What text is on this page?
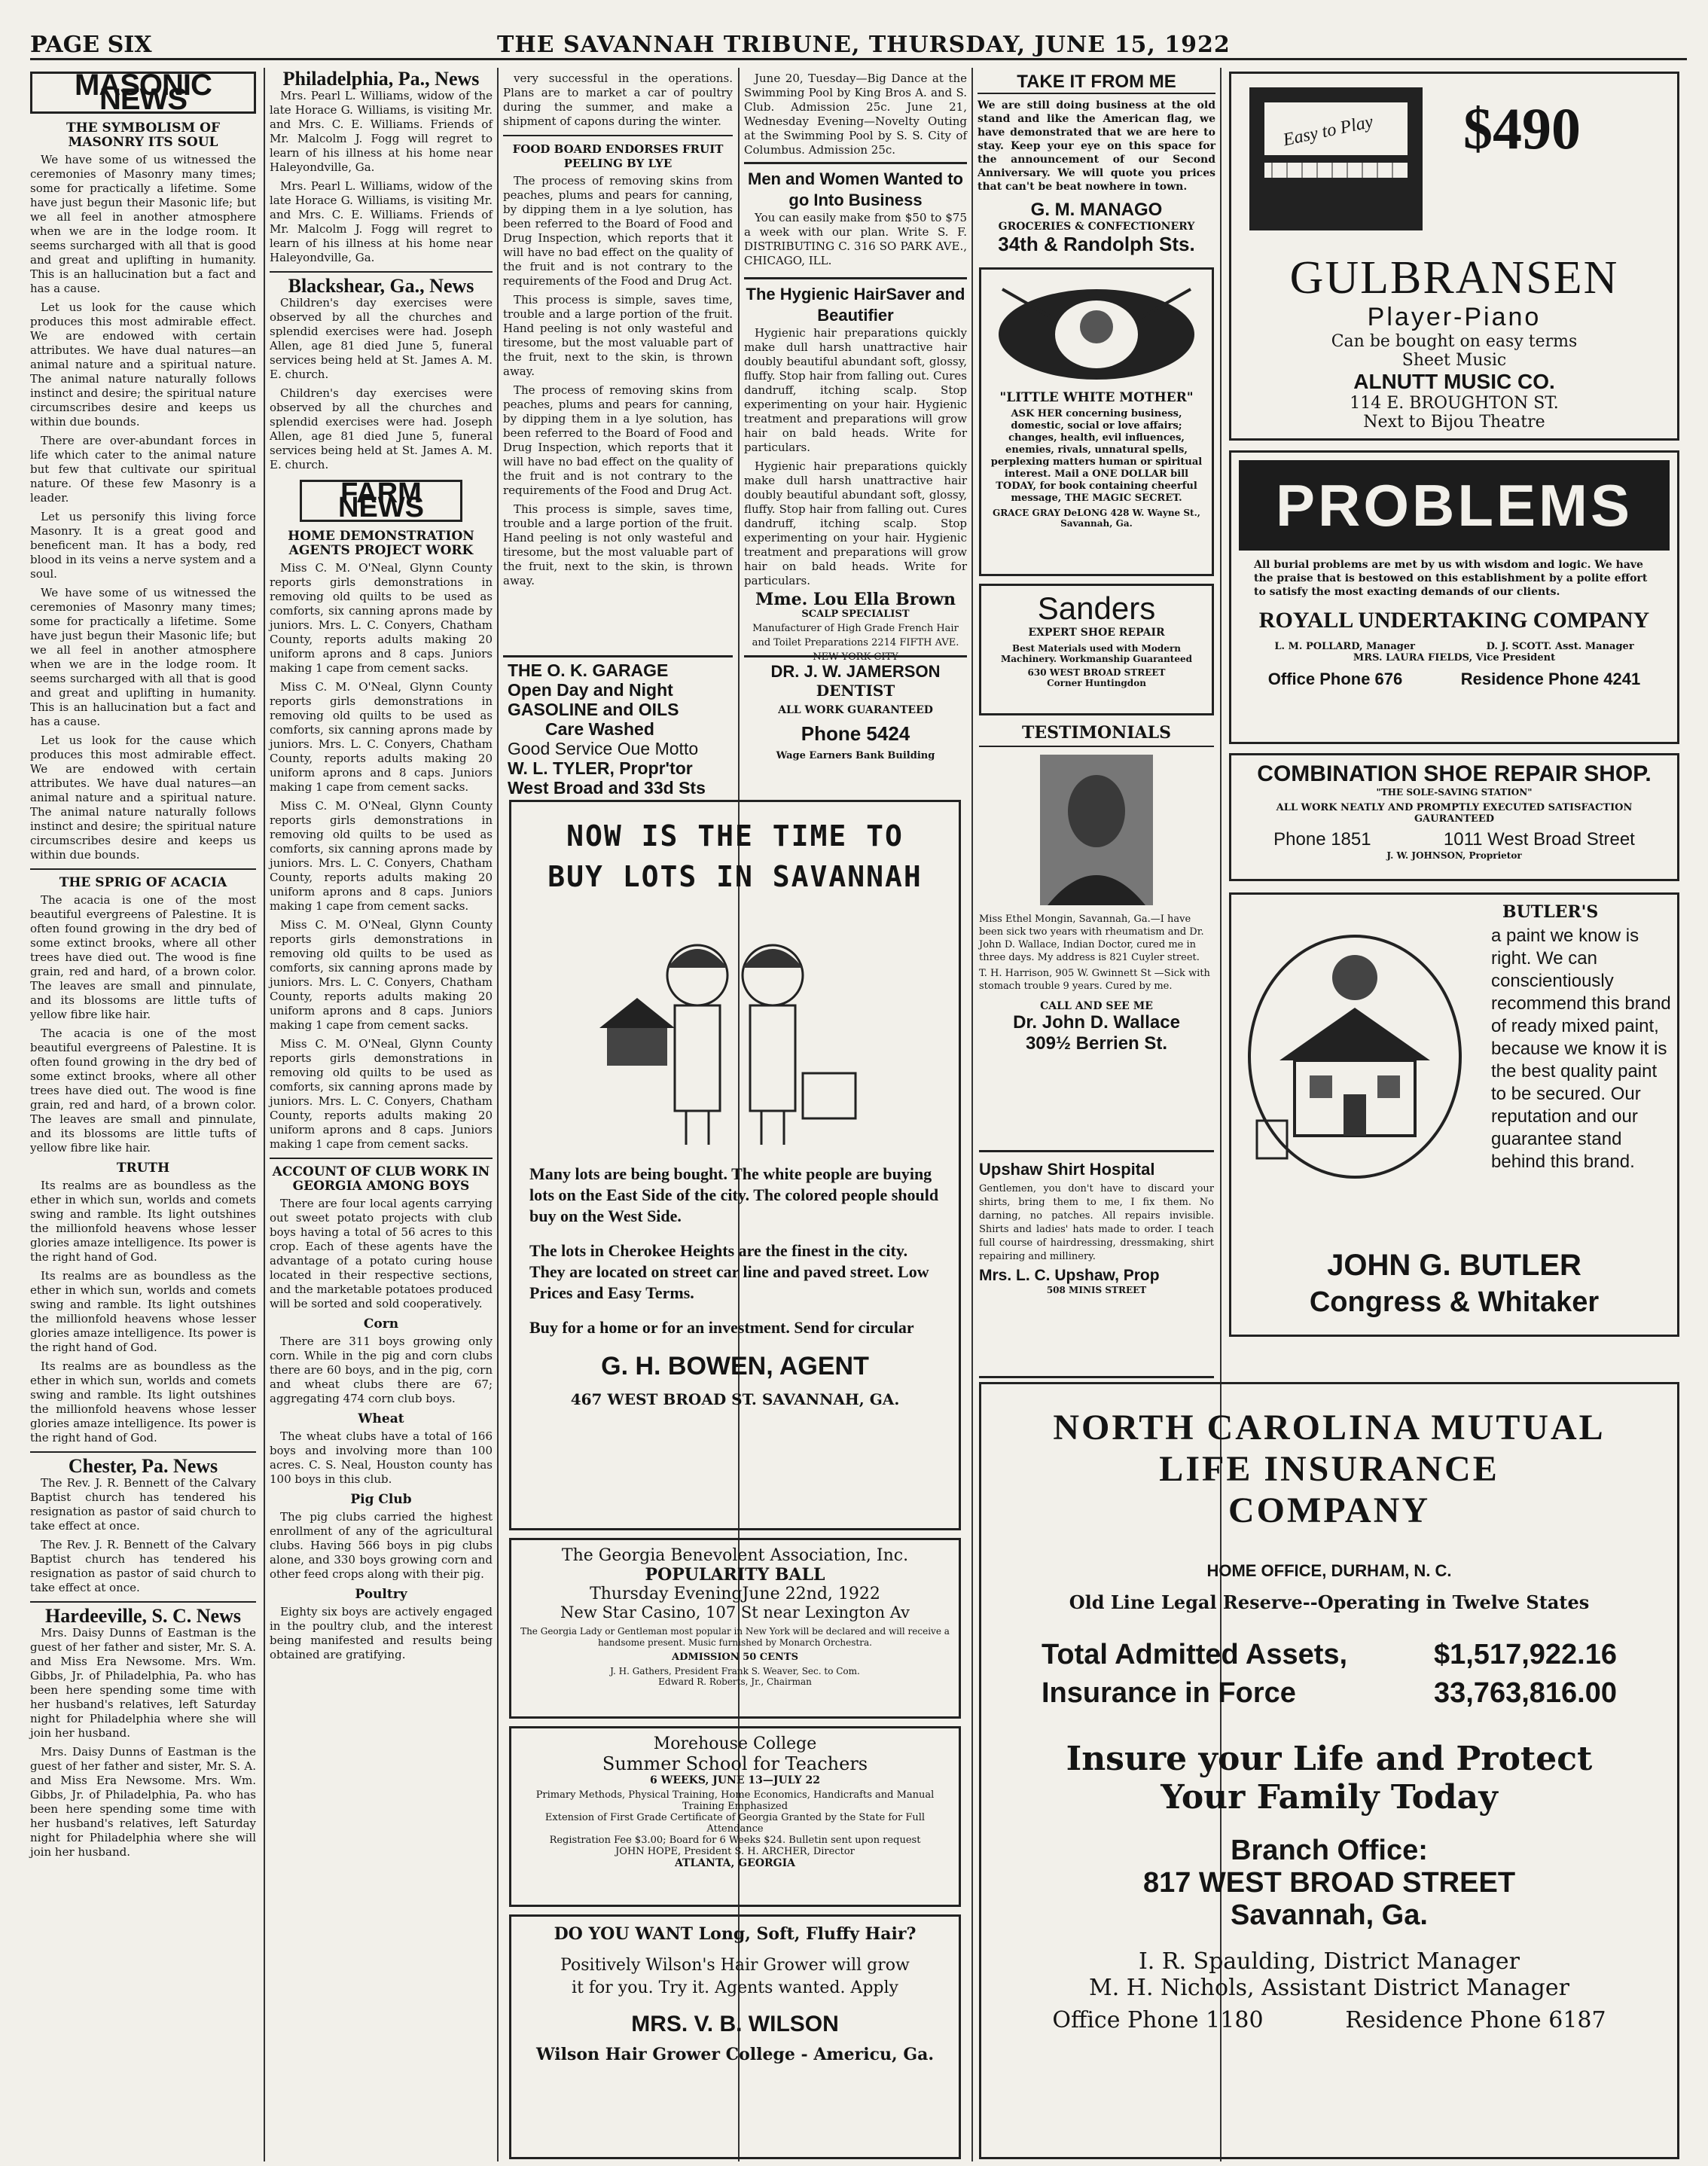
PAGE SIX	THE SAVANNAH TRIBUNE, THURSDAY, JUNE 15, 1922
MASONIC NEWS
THE SYMBOLISM OF MASONRY ITS SOUL

We have some of us witnessed the ceremonies of Masonry many times; some for practically a lifetime. Some have just begun their Masonic life; but we all feel in another atmosphere when we are in the lodge room. It seems surcharged with all that is good and great and uplifting in humanity. This is an hallucination but a fact and has a cause.

Let us look for the cause which produces this most admirable effect. We are endowed with certain attributes. We have dual natures—an animal nature and a spiritual nature. The animal nature naturally follows instinct and desire; the spiritual nature circumscribes desire and keeps us within due bounds.

There are over-abundant forces in life which cater to the animal nature but few that cultivate our spiritual nature. Of these few Masonry is a leader.

Let us personify this living force Masonry. It is a great good and beneficent man. It has a body, red blood in its veins a nerve system and a soul.

We have some of us witnessed the ceremonies of Masonry many times; some for practically a lifetime. Some have just begun their Masonic life; but we all feel in another atmosphere when we are in the lodge room. It seems surcharged with all that is good and great and uplifting in humanity. This is an hallucination but a fact and has a cause.

Let us look for the cause which produces this most admirable effect. We are endowed with certain attributes. We have dual natures—an animal nature and a spiritual nature. The animal nature naturally follows instinct and desire; the spiritual nature circumscribes desire and keeps us within due bounds.

THE SPRIG OF ACACIA

The acacia is one of the most beautiful evergreens of Palestine. It is often found growing in the dry bed of some extinct brooks, where all other trees have died out. The wood is fine grain, red and hard, of a brown color. The leaves are small and pinnulate, and its blossoms are little tufts of yellow fibre like hair.

The acacia is one of the most beautiful evergreens of Palestine. It is often found growing in the dry bed of some extinct brooks, where all other trees have died out. The wood is fine grain, red and hard, of a brown color. The leaves are small and pinnulate, and its blossoms are little tufts of yellow fibre like hair.

TRUTH

Its realms are as boundless as the ether in which sun, worlds and comets swing and ramble. Its light outshines the millionfold heavens whose lesser glories amaze intelligence. Its power is the right hand of God.

Its realms are as boundless as the ether in which sun, worlds and comets swing and ramble. Its light outshines the millionfold heavens whose lesser glories amaze intelligence. Its power is the right hand of God.

Its realms are as boundless as the ether in which sun, worlds and comets swing and ramble. Its light outshines the millionfold heavens whose lesser glories amaze intelligence. Its power is the right hand of God.

Chester, Pa. News

The Rev. J. R. Bennett of the Calvary Baptist church has tendered his resignation as pastor of said church to take effect at once.

The Rev. J. R. Bennett of the Calvary Baptist church has tendered his resignation as pastor of said church to take effect at once.

Hardeeville, S. C. News

Mrs. Daisy Dunns of Eastman is the guest of her father and sister, Mr. S. A. and Miss Era Newsome. Mrs. Wm. Gibbs, Jr. of Philadelphia, Pa. who has been here spending some time with her husband's relatives, left Saturday night for Philadelphia where she will join her husband.

Mrs. Daisy Dunns of Eastman is the guest of her father and sister, Mr. S. A. and Miss Era Newsome. Mrs. Wm. Gibbs, Jr. of Philadelphia, Pa. who has been here spending some time with her husband's relatives, left Saturday night for Philadelphia where she will join her husband.

Philadelphia, Pa., News

Mrs. Pearl L. Williams, widow of the late Horace G. Williams, is visiting Mr. and Mrs. C. E. Williams. Friends of Mr. Malcolm J. Fogg will regret to learn of his illness at his home near Haleyondville, Ga.

Mrs. Pearl L. Williams, widow of the late Horace G. Williams, is visiting Mr. and Mrs. C. E. Williams. Friends of Mr. Malcolm J. Fogg will regret to learn of his illness at his home near Haleyondville, Ga.

Blackshear, Ga., News

Children's day exercises were observed by all the churches and splendid exercises were had. Joseph Allen, age 81 died June 5, funeral services being held at St. James A. M. E. church.

Children's day exercises were observed by all the churches and splendid exercises were had. Joseph Allen, age 81 died June 5, funeral services being held at St. James A. M. E. church.

FARM NEWS
HOME DEMONSTRATION AGENTS PROJECT WORK

Miss C. M. O'Neal, Glynn County reports girls demonstrations in removing old quilts to be used as comforts, six canning aprons made by juniors. Mrs. L. C. Conyers, Chatham County, reports adults making 20 uniform aprons and 8 caps. Juniors making 1 cape from cement sacks.

Miss C. M. O'Neal, Glynn County reports girls demonstrations in removing old quilts to be used as comforts, six canning aprons made by juniors. Mrs. L. C. Conyers, Chatham County, reports adults making 20 uniform aprons and 8 caps. Juniors making 1 cape from cement sacks.

Miss C. M. O'Neal, Glynn County reports girls demonstrations in removing old quilts to be used as comforts, six canning aprons made by juniors. Mrs. L. C. Conyers, Chatham County, reports adults making 20 uniform aprons and 8 caps. Juniors making 1 cape from cement sacks.

Miss C. M. O'Neal, Glynn County reports girls demonstrations in removing old quilts to be used as comforts, six canning aprons made by juniors. Mrs. L. C. Conyers, Chatham County, reports adults making 20 uniform aprons and 8 caps. Juniors making 1 cape from cement sacks.

Miss C. M. O'Neal, Glynn County reports girls demonstrations in removing old quilts to be used as comforts, six canning aprons made by juniors. Mrs. L. C. Conyers, Chatham County, reports adults making 20 uniform aprons and 8 caps. Juniors making 1 cape from cement sacks.

ACCOUNT OF CLUB WORK IN GEORGIA AMONG BOYS

There are four local agents carrying out sweet potato projects with club boys having a total of 56 acres to this crop. Each of these agents have the advantage of a potato curing house located in their respective sections, and the marketable potatoes produced will be sorted and sold cooperatively.

Corn

There are 311 boys growing only corn. While in the pig and corn clubs there are 60 boys, and in the pig, corn and wheat clubs there are 67; aggregating 474 corn club boys.

Wheat

The wheat clubs have a total of 166 boys and involving more than 100 acres. C. S. Neal, Houston county has 100 boys in this club.

Pig Club

The pig clubs carried the highest enrollment of any of the agricultural clubs. Having 566 boys in pig clubs alone, and 330 boys growing corn and other feed crops along with their pig.

Poultry

Eighty six boys are actively engaged in the poultry club, and the interest being manifested and results being obtained are gratifying.

very successful in the operations. Plans are to market a car of poultry during the summer, and make a shipment of capons during the winter.

FOOD BOARD ENDORSES FRUIT PEELING BY LYE

The process of removing skins from peaches, plums and pears for canning, by dipping them in a lye solution, has been referred to the Board of Food and Drug Inspection, which reports that it will have no bad effect on the quality of the fruit and is not contrary to the requirements of the Food and Drug Act.

This process is simple, saves time, trouble and a large portion of the fruit. Hand peeling is not only wasteful and tiresome, but the most valuable part of the fruit, next to the skin, is thrown away.

The process of removing skins from peaches, plums and pears for canning, by dipping them in a lye solution, has been referred to the Board of Food and Drug Inspection, which reports that it will have no bad effect on the quality of the fruit and is not contrary to the requirements of the Food and Drug Act.

This process is simple, saves time, trouble and a large portion of the fruit. Hand peeling is not only wasteful and tiresome, but the most valuable part of the fruit, next to the skin, is thrown away.

June 20, Tuesday—Big Dance at the Swimming Pool by King Bros A. and S. Club. Admission 25c. June 21, Wednesday Evening—Novelty Outing at the Swimming Pool by S. S. City of Columbus. Admission 25c.

Men and Women Wanted to go Into Business

You can easily make from $50 to $75 a week with our plan. Write S. F. DISTRIBUTING C. 316 SO PARK AVE., CHICAGO, ILL.

The Hygienic HairSaver and Beautifier

Hygienic hair preparations quickly make dull harsh unattractive hair doubly beautiful abundant soft, glossy, fluffy. Stop hair from falling out. Cures dandruff, itching scalp. Stop experimenting on your hair. Hygienic treatment and preparations will grow hair on bald heads. Write for particulars.

Hygienic hair preparations quickly make dull harsh unattractive hair doubly beautiful abundant soft, glossy, fluffy. Stop hair from falling out. Cures dandruff, itching scalp. Stop experimenting on your hair. Hygienic treatment and preparations will grow hair on bald heads. Write for particulars.

Mme. Lou Ella Brown
SCALP SPECIALIST
Manufacturer of High Grade French Hair and Toilet Preparations 2214 FIFTH AVE. NEW YORK CITY
THE O. K. GARAGE
Open Day and Night
GASOLINE and OILS
Care Washed
Good Service Oue Motto
W. L. TYLER, Propr'tor
West Broad and 33d Sts
DR. J. W. JAMERSON
DENTIST
ALL WORK GUARANTEED
Phone 5424
Wage Earners Bank Building
NOW IS THE TIME TO BUY LOTS IN SAVANNAH

Many lots are being bought. The white people are buying lots on the East Side of the city. The colored people should buy on the West Side.

The lots in Cherokee Heights are the finest in the city. They are located on street car line and paved street. Low Prices and Easy Terms.

Buy for a home or for an investment. Send for circular

G. H. BOWEN, AGENT
467 WEST BROAD ST. SAVANNAH, GA.
The Georgia Benevolent Association, Inc.
POPULARITY BALL
Thursday EveningJune 22nd, 1922
New Star Casino, 107 St near Lexington Av
The Georgia Lady or Gentleman most popular in New York will be declared and will receive a handsome present. Music furnished by Monarch Orchestra.
ADMISSION 50 CENTS
J. H. Gathers, President Frank S. Weaver, Sec. to Com.
Edward R. Roberts, Jr., Chairman
Morehouse College
Summer School for Teachers
6 WEEKS, JUNE 13—JULY 22
Primary Methods, Physical Training, Home Economics, Handicrafts and Manual Training Emphasized
Extension of First Grade Certificate of Georgia Granted by the State for Full Attendance
Registration Fee $3.00; Board for 6 Weeks $24. Bulletin sent upon request
JOHN HOPE, President S. H. ARCHER, Director
ATLANTA, GEORGIA
DO YOU WANT Long, Soft, Fluffy Hair?
Positively Wilson's Hair Grower will grow it for you. Try it. Agents wanted. Apply
MRS. V. B. WILSON
Wilson Hair Grower College - Americu, Ga.
TAKE IT FROM ME
We are still doing business at the old stand and like the American flag, we have demonstrated that we are here to stay. Keep your eye on this space for the announcement of our Second Anniversary. We will quote you prices that can't be beat nowhere in town.
G. M. MANAGO
GROCERIES & CONFECTIONERY
34th & Randolph Sts.
"LITTLE WHITE MOTHER"
ASK HER concerning business, domestic, social or love affairs; changes, health, evil influences, enemies, rivals, unnatural spells, perplexing matters human or spiritual interest. Mail a ONE DOLLAR bill TODAY, for book containing cheerful message, THE MAGIC SECRET.
GRACE GRAY DeLONG 428 W. Wayne St., Savannah, Ga.
Sanders
EXPERT SHOE REPAIR
Best Materials used with Modern Machinery. Workmanship Guaranteed
630 WEST BROAD STREET
Corner Huntingdon
TESTIMONIALS
Miss Ethel Mongin, Savannah, Ga.—I have been sick two years with rheumatism and Dr. John D. Wallace, Indian Doctor, cured me in three days. My address is 821 Cuyler street.
T. H. Harrison, 905 W. Gwinnett St —Sick with stomach trouble 9 years. Cured by me.
CALL AND SEE ME
Dr. John D. Wallace
309½ Berrien St.
Upshaw Shirt Hospital
Gentlemen, you don't have to discard your shirts, bring them to me, I fix them. No darning, no patches. All repairs invisible. Shirts and ladies' hats made to order. I teach full course of hairdressing, dressmaking, shirt repairing and millinery.
Mrs. L. C. Upshaw, Prop
508 MINIS STREET
Easy to Play $490
GULBRANSEN
Player-Piano
Can be bought on easy terms
Sheet Music
ALNUTT MUSIC CO.
114 E. BROUGHTON ST.
Next to Bijou Theatre
PROBLEMS
All burial problems are met by us with wisdom and logic. We have the praise that is bestowed on this establishment by a polite effort to satisfy the most exacting demands of our clients.
ROYALL UNDERTAKING COMPANY
L. M. POLLARD, Manager	D. J. SCOTT. Asst. Manager
MRS. LAURA FIELDS, Vice President
Office Phone 676	Residence Phone 4241
COMBINATION SHOE REPAIR SHOP.
"THE SOLE-SAVING STATION"
ALL WORK NEATLY AND PROMPTLY EXECUTED SATISFACTION GAURANTEED
Phone 1851	1011 West Broad Street
J. W. JOHNSON, Proprietor
BUTLER'S
a paint we know is right. We can conscientiously recommend this brand of ready mixed paint, because we know it is the best quality paint to be secured. Our reputation and our guarantee stand behind this brand.
JOHN G. BUTLER
Congress & Whitaker
NORTH CAROLINA MUTUAL
LIFE INSURANCE
COMPANY
HOME OFFICE, DURHAM, N. C.
Old Line Legal Reserve--Operating in Twelve States
Total Admitted Assets,	$1,517,922.16
Insurance in Force	33,763,816.00
Insure your Life and Protect
Your Family Today
Branch Office:
817 WEST BROAD STREET
Savannah, Ga.
I. R. Spaulding, District Manager
M. H. Nichols, Assistant District Manager
Office Phone 1180	Residence Phone 6187
